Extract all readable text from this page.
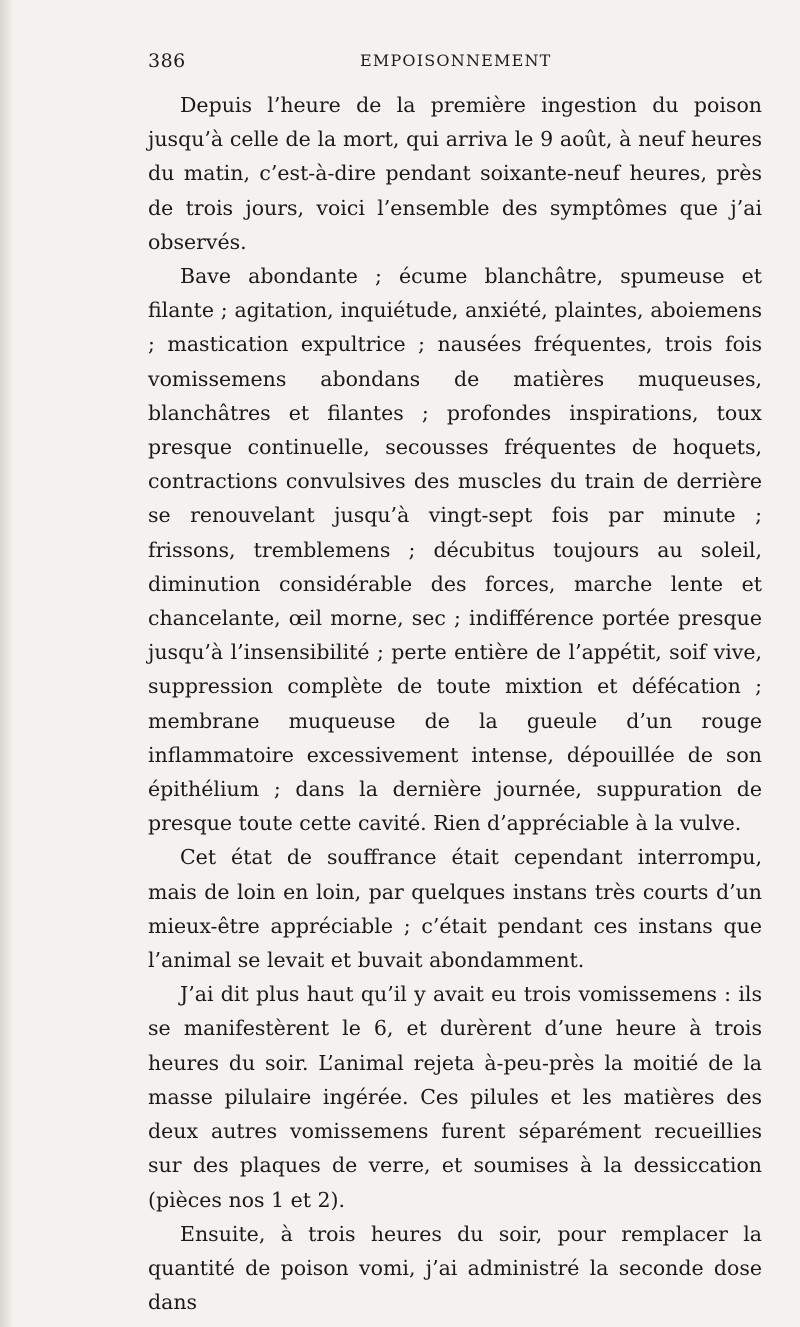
386	EMPOISONNEMENT

Depuis l’heure de la première ingestion du poison jusqu’à celle de la mort, qui arriva le 9 août, à neuf heures du matin, c’est-à-dire pendant soixante-neuf heures, près de trois jours, voici l’ensemble des symptômes que j’ai observés.

Bave abondante ; écume blanchâtre, spumeuse et filante ; agitation, inquiétude, anxiété, plaintes, aboiemens ; mastication expultrice ; nausées fréquentes, trois fois vomissemens abondans de matières muqueuses, blanchâtres et filantes ; profondes inspirations, toux presque continuelle, secousses fréquentes de hoquets, contractions convulsives des muscles du train de derrière se renouvelant jusqu’à vingt-sept fois par minute ; frissons, tremblemens ; décubitus toujours au soleil, diminution considérable des forces, marche lente et chancelante, œil morne, sec ; indifférence portée presque jusqu’à l’insensibilité ; perte entière de l’appétit, soif vive, suppression complète de toute mixtion et défécation ; membrane muqueuse de la gueule d’un rouge inflammatoire excessivement intense, dépouillée de son épithélium ; dans la dernière journée, suppuration de presque toute cette cavité. Rien d’appréciable à la vulve.

Cet état de souffrance était cependant interrompu, mais de loin en loin, par quelques instans très courts d’un mieux-être appréciable ; c’était pendant ces instans que l’animal se levait et buvait abondamment.

J’ai dit plus haut qu’il y avait eu trois vomissemens : ils se manifestèrent le 6, et durèrent d’une heure à trois heures du soir. L’animal rejeta à-peu-près la moitié de la masse pilulaire ingérée. Ces pilules et les matières des deux autres vomissemens furent séparément recueillies sur des plaques de verre, et soumises à la dessiccation (pièces nos 1 et 2).

Ensuite, à trois heures du soir, pour remplacer la quantité de poison vomi, j’ai administré la seconde dose dans
